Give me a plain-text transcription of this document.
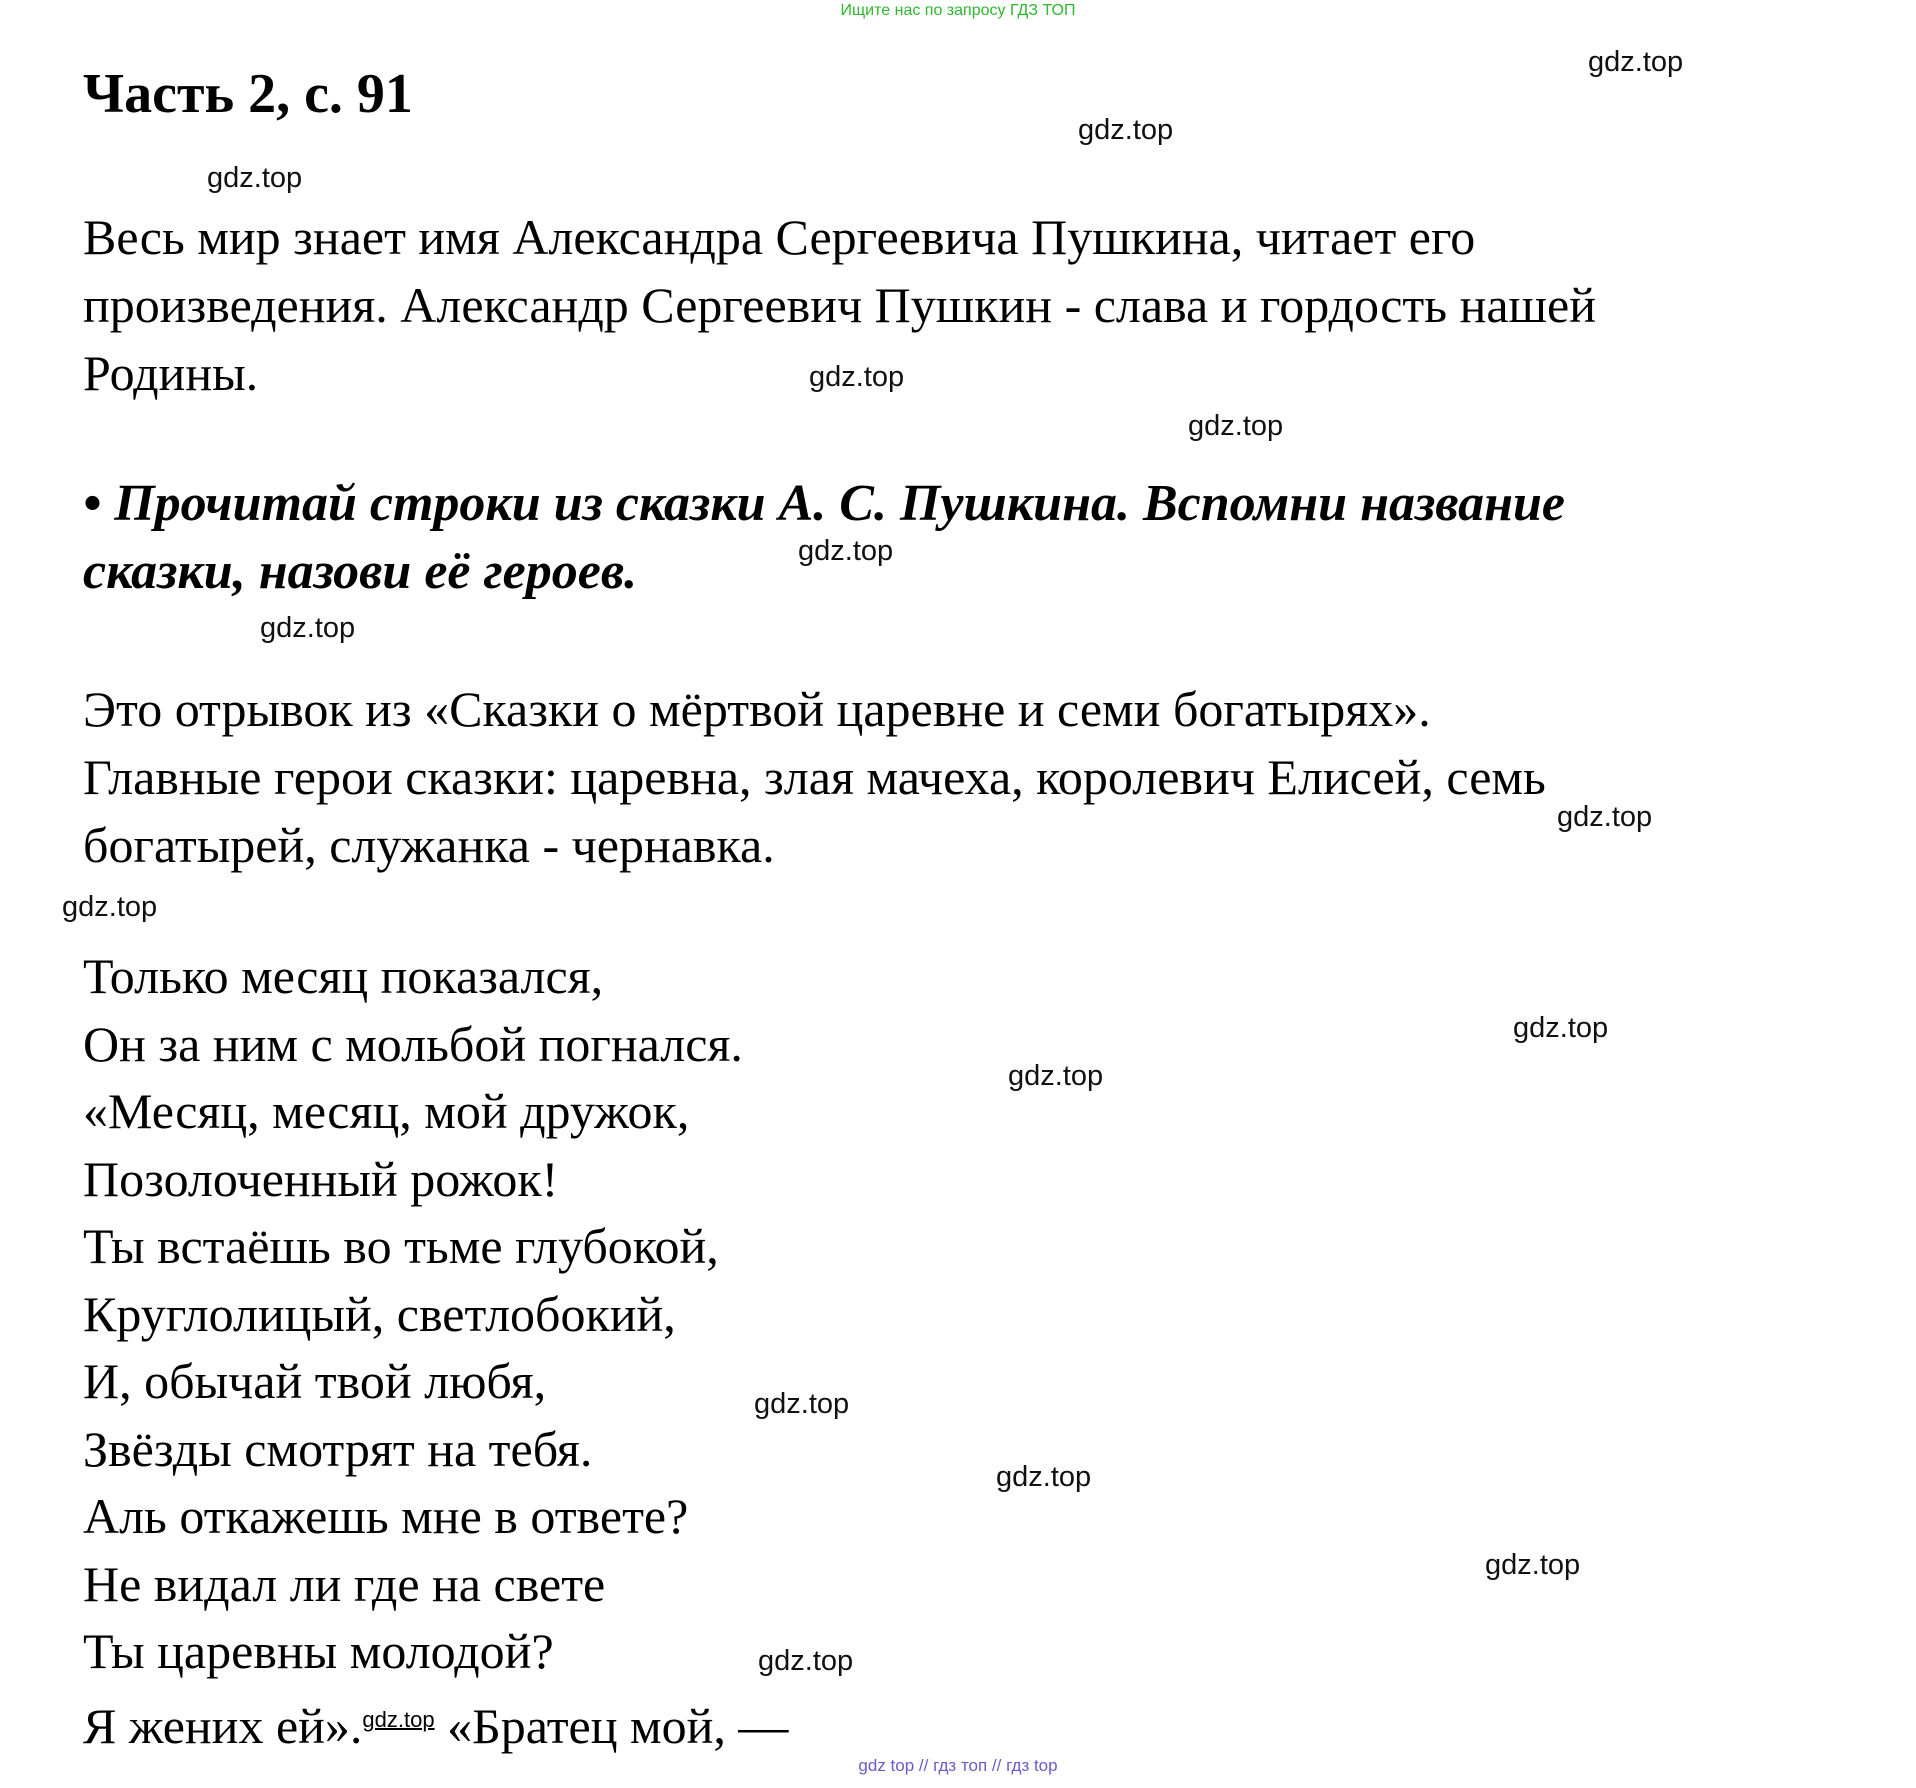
Ищите нас по запросу ГДЗ ТОП
Часть 2, с. 91
Весь мир знает имя Александра Сергеевича Пушкина, читает его
произведения. Александр Сергеевич Пушкин - слава и гордость нашей
Родины.
• Прочитай строки из сказки А. С. Пушкина. Вспомни название
сказки, назови её героев.
Это отрывок из «Сказки о мёртвой царевне и семи богатырях».
Главные герои сказки: царевна, злая мачеха, королевич Елисей, семь
богатырей, служанка - чернавка.
Только месяц показался,
Он за ним с мольбой погнался.
«Месяц, месяц, мой дружок,
Позолоченный рожок!
Ты встаёшь во тьме глубокой,
Круглолицый, светлобокий,
И, обычай твой любя,
Звёзды смотрят на тебя.
Аль откажешь мне в ответе?
Не видал ли где на свете
Ты царевны молодой?
Я жених ей».$^{gdz.top}$ «Братец мой, —
gdz.top
gdz.top
gdz.top
gdz.top
gdz.top
gdz.top
gdz.top
gdz.top
gdz.top
gdz.top
gdz.top
gdz.top
gdz.top
gdz.top
gdz.top
gdz top // гдз топ // гдз top
